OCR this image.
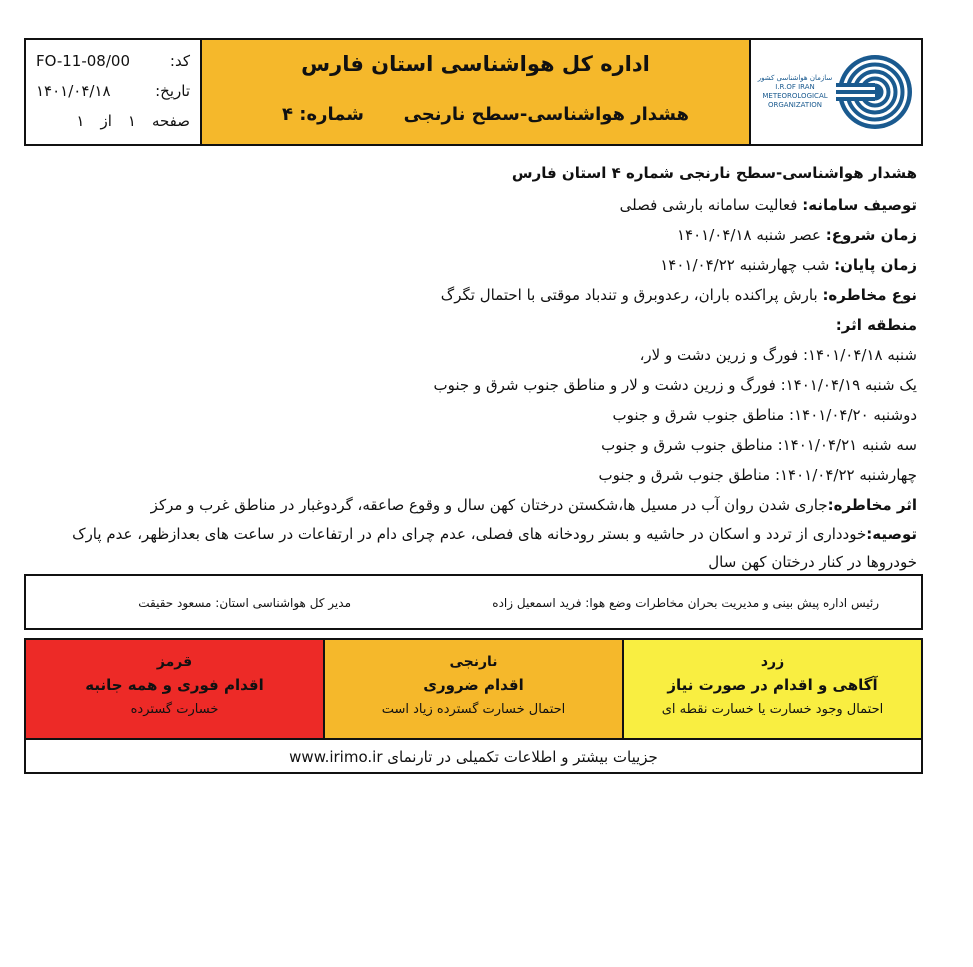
FO-11-08/00	کد:
۱۴۰۱/۰۴/۱۸	تاریخ:
صفحه
۱
از
۱
اداره کل هواشناسی استان فارس
هشدار هواشناسی-سطح نارنجی
شماره: ۴
سازمان هواشناسی کشور
I.R.OF IRAN
METEOROLOGICAL
ORGANIZATION
هشدار هواشناسی-سطح نارنجی شماره ۴ استان فارس
توصیف سامانه: فعالیت سامانه بارشی فصلی
زمان شروع: عصر شنبه ۱۴۰۱/۰۴/۱۸
زمان پایان: شب چهارشنبه ۱۴۰۱/۰۴/۲۲
نوع مخاطره: بارش پراکنده باران، رعدوبرق و تندباد موقتی با احتمال تگرگ
منطقه اثر:
شنبه ۱۴۰۱/۰۴/۱۸: فورگ و زرین دشت و لار،
یک شنبه ۱۴۰۱/۰۴/۱۹: فورگ و زرین دشت و لار و مناطق جنوب شرق و جنوب
دوشنبه ۱۴۰۱/۰۴/۲۰: مناطق جنوب شرق و جنوب
سه شنبه ۱۴۰۱/۰۴/۲۱: مناطق جنوب شرق و جنوب
چهارشنبه ۱۴۰۱/۰۴/۲۲: مناطق جنوب شرق و جنوب
اثر مخاطره:جاری شدن روان آب در مسیل ها،شکستن درختان کهن سال و وقوع صاعقه، گردوغبار در مناطق غرب و مرکز
توصیه:خودداری از تردد و اسکان در حاشیه و بستر رودخانه های فصلی، عدم چرای دام در ارتفاعات در ساعت های بعدازظهر، عدم پارک خودروها در کنار درختان کهن سال
رئیس اداره پیش بینی و مدیریت بحران مخاطرات وضع هوا: فرید اسمعیل زاده
مدیر کل هواشناسی استان: مسعود حقیقت
قرمز
اقدام فوری و همه جانبه
خسارت گسترده
نارنجی
اقدام ضروری
احتمال خسارت گسترده زیاد است
زرد
آگاهی و اقدام در صورت نیاز
احتمال وجود خسارت یا خسارت نقطه ای
جزییات بیشتر و اطلاعات تکمیلی در تارنمای www.irimo.ir
